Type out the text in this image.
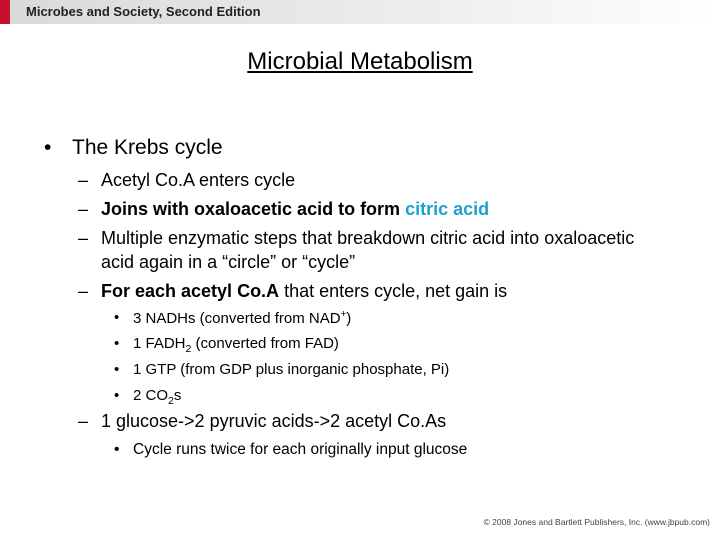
Microbes and Society, Second Edition
Microbial Metabolism
• The Krebs cycle
– Acetyl Co.A enters cycle
– Joins with oxaloacetic acid to form citric acid
– Multiple enzymatic steps that breakdown citric acid into oxaloacetic
acid again in a “circle” or “cycle”
– For each acetyl Co.A that enters cycle, net gain is
• 3 NADHs (converted from NAD+)
• 1 $FADH_2$ (converted from FAD)
• 1 GTP (from GDP plus inorganic phosphate, Pi)
• 2 $CO_2s$
– 1 glucose->2 pyruvic acids->2 acetyl Co.As
• Cycle runs twice for each originally input glucose
© 2008 Jones and Bartlett Publishers, Inc. (www.jbpub.com)
